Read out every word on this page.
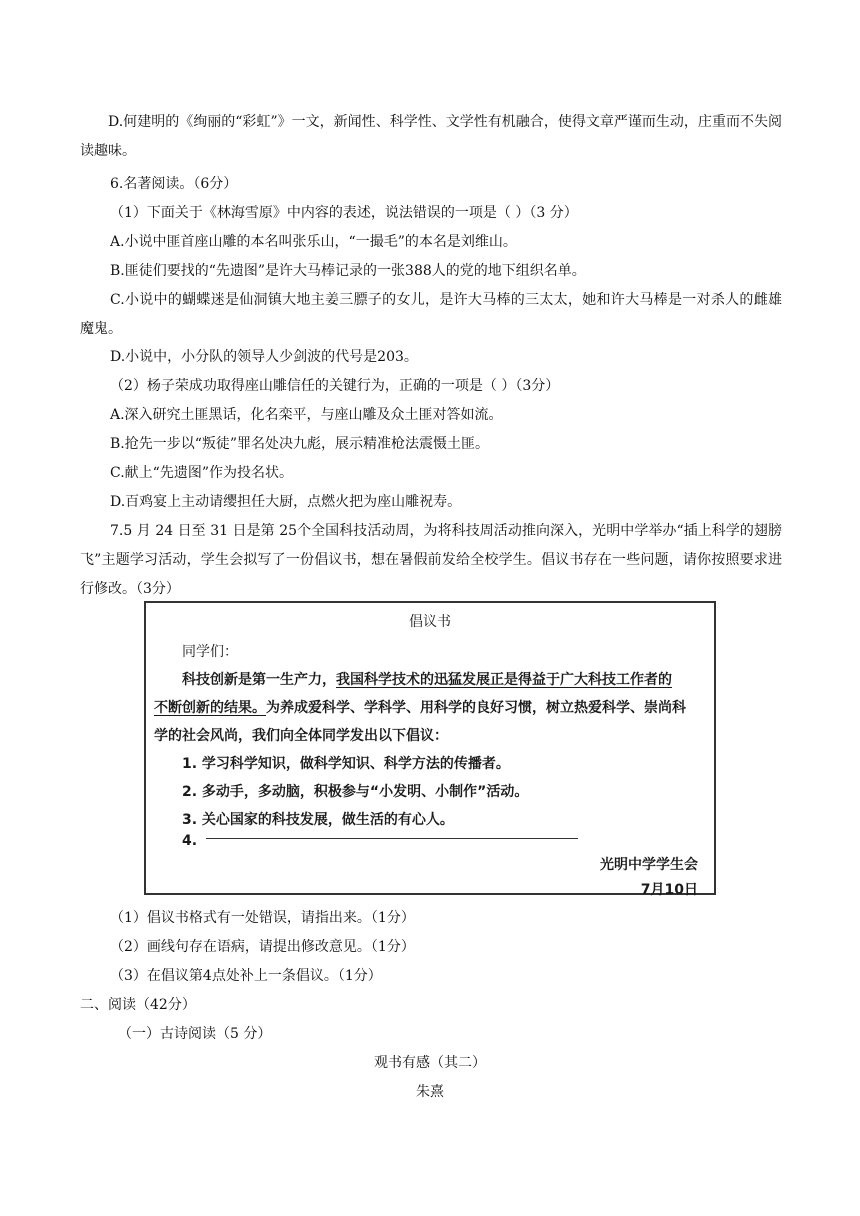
D.何建明的《绚丽的“彩虹”》一文，新闻性、科学性、文学性有机融合，使得文章严谨而生动，庄重而不失阅读趣味。
6.名著阅读。（6分）
（1）下面关于《林海雪原》中内容的表述，说法错误的一项是（ ）（3 分）
A.小说中匪首座山雕的本名叫张乐山，“一撮毛”的本名是刘维山。
B.匪徒们要找的“先遗图”是许大马棒记录的一张388人的党的地下组织名单。
C.小说中的蝴蝶迷是仙洞镇大地主姜三膘子的女儿，是许大马棒的三太太，她和许大马棒是一对杀人的雌雄魔鬼。
D.小说中，小分队的领导人少剑波的代号是203。
（2）杨子荣成功取得座山雕信任的关键行为，正确的一项是（ ）（3分）
A.深入研究土匪黑话，化名栾平，与座山雕及众土匪对答如流。
B.抢先一步以“叛徒”罪名处决九彪，展示精准枪法震慑土匪。
C.献上“先遗图”作为投名状。
D.百鸡宴上主动请缨担任大厨，点燃火把为座山雕祝寿。
7.5 月 24 日至 31 日是第 25个全国科技活动周，为将科技周活动推向深入，光明中学举办“插上科学的翅膀飞”主题学习活动，学生会拟写了一份倡议书，想在暑假前发给全校学生。倡议书存在一些问题，请你按照要求进行修改。（3分）
倡议书
同学们：
科技创新是第一生产力，我国科学技术的迅猛发展正是得益于广大科技工作者的
不断创新的结果。为养成爱科学、学科学、用科学的良好习惯，树立热爱科学、崇尚科
学的社会风尚，我们向全体同学发出以下倡议：
1. 学习科学知识，做科学知识、科学方法的传播者。
2. 多动手，多动脑，积极参与“小发明、小制作”活动。
3. 关心国家的科技发展，做生活的有心人。
4.
光明中学学生会
7月10日
（1）倡议书格式有一处错误，请指出来。（1分）
（2）画线句存在语病，请提出修改意见。（1分）
（3）在倡议第4点处补上一条倡议。（1分）
二、阅读（42分）
（一）古诗阅读（5 分）
观书有感（其二）
朱熹
